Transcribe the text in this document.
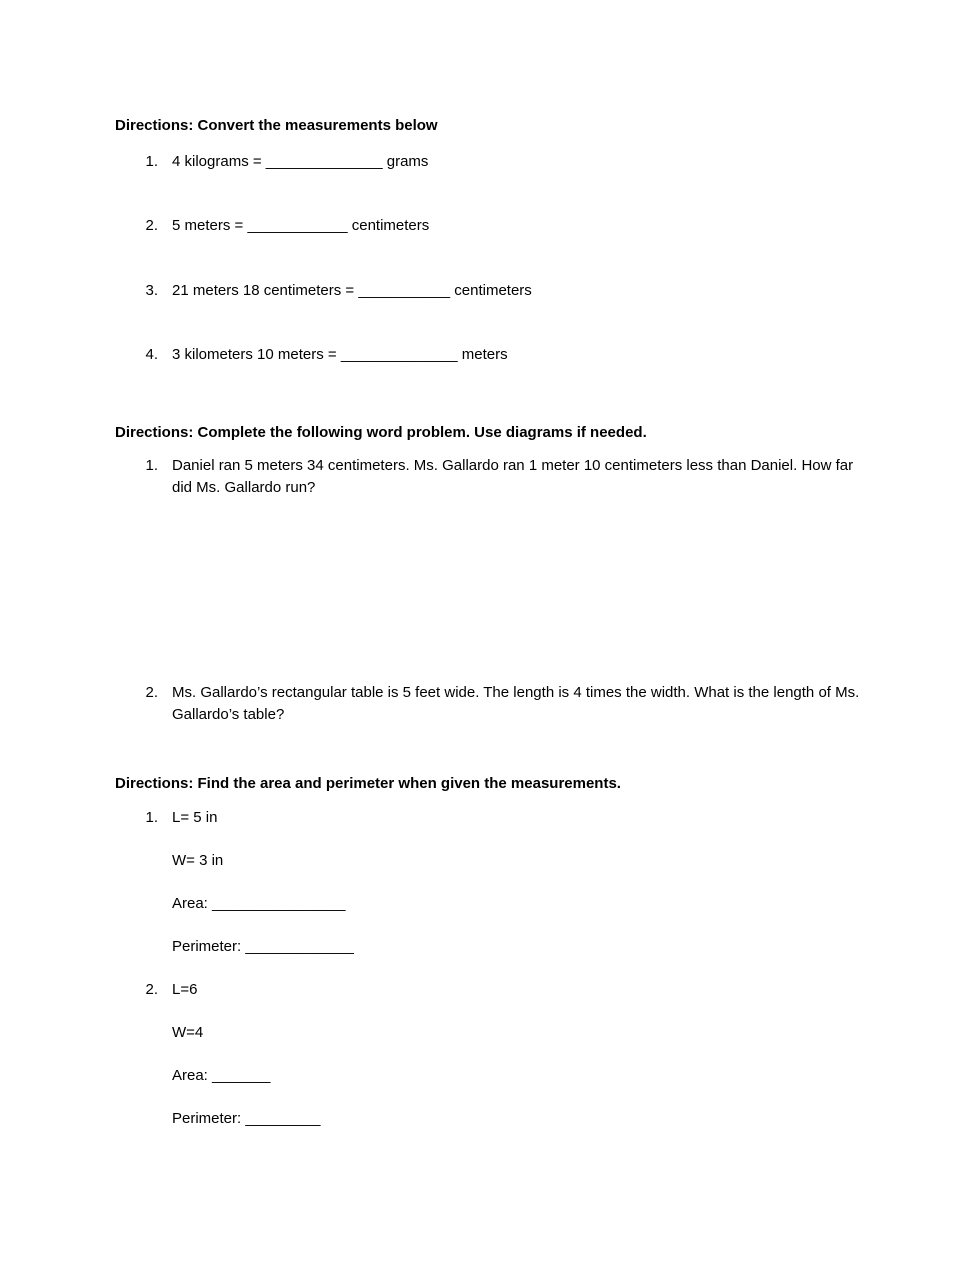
Directions: Convert the measurements below
1. 4 kilograms = ______________ grams
2. 5 meters = ____________ centimeters
3. 21 meters 18 centimeters = ___________ centimeters
4. 3 kilometers 10 meters = ______________ meters
Directions: Complete the following word problem. Use diagrams if needed.
1. Daniel ran 5 meters 34 centimeters. Ms. Gallardo ran 1 meter 10 centimeters less than Daniel. How far did Ms. Gallardo run?
2. Ms. Gallardo’s rectangular table is 5 feet wide. The length is 4 times the width. What is the length of Ms. Gallardo’s table?
Directions: Find the area and perimeter when given the measurements.
1. L= 5 in
W= 3 in
Area: ________________
Perimeter: _____________
2. L=6
W=4
Area: _______
Perimeter: _________
